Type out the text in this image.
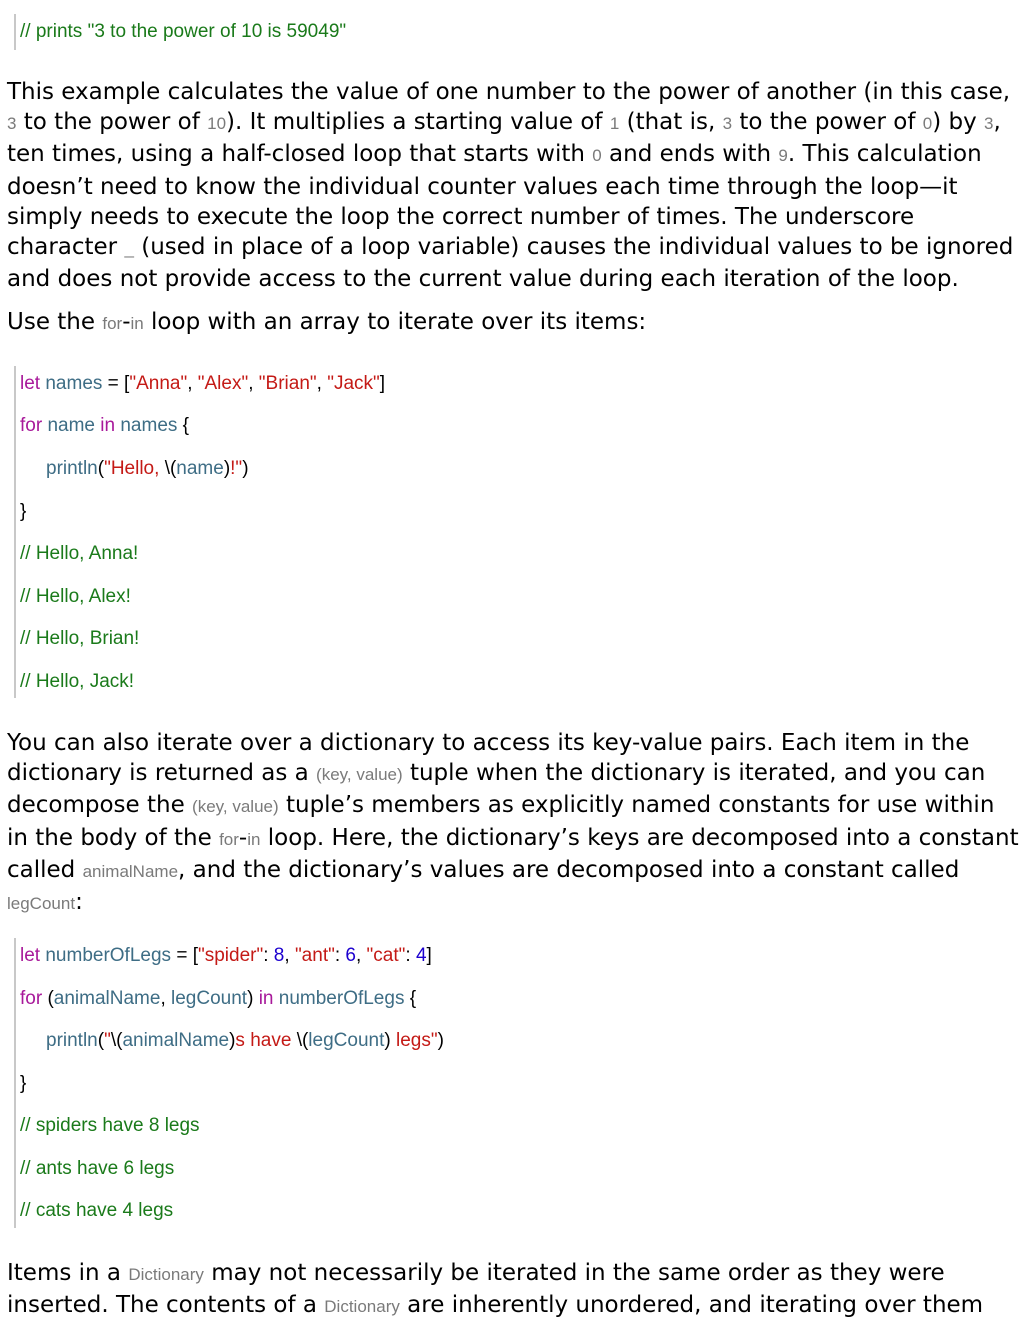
// prints "3 to the power of 10 is 59049"

This example calculates the value of one number to the power of another (in this case, 3 to the power of 10). It multiplies a starting value of 1 (that is, 3 to the power of 0) by 3, ten times, using a half-closed loop that starts with 0 and ends with 9. This calculation doesn’t need to know the individual counter values each time through the loop—it simply needs to execute the loop the correct number of times. The underscore character _ (used in place of a loop variable) causes the individual values to be ignored and does not provide access to the current value during each iteration of the loop.

Use the for-in loop with an array to iterate over its items:

let names = ["Anna", "Alex", "Brian", "Jack"]
for name in names {
println("Hello, \(name)!")
}
// Hello, Anna!
// Hello, Alex!
// Hello, Brian!
// Hello, Jack!

You can also iterate over a dictionary to access its key-value pairs. Each item in the dictionary is returned as a (key, value) tuple when the dictionary is iterated, and you can decompose the (key, value) tuple’s members as explicitly named constants for use within in the body of the for-in loop. Here, the dictionary’s keys are decomposed into a constant called animalName, and the dictionary’s values are decomposed into a constant called legCount:

let numberOfLegs = ["spider": 8, "ant": 6, "cat": 4]
for (animalName, legCount) in numberOfLegs {
println("\(animalName)s have \(legCount) legs")
}
// spiders have 8 legs
// ants have 6 legs
// cats have 4 legs

Items in a Dictionary may not necessarily be iterated in the same order as they were inserted. The contents of a Dictionary are inherently unordered, and iterating over them
